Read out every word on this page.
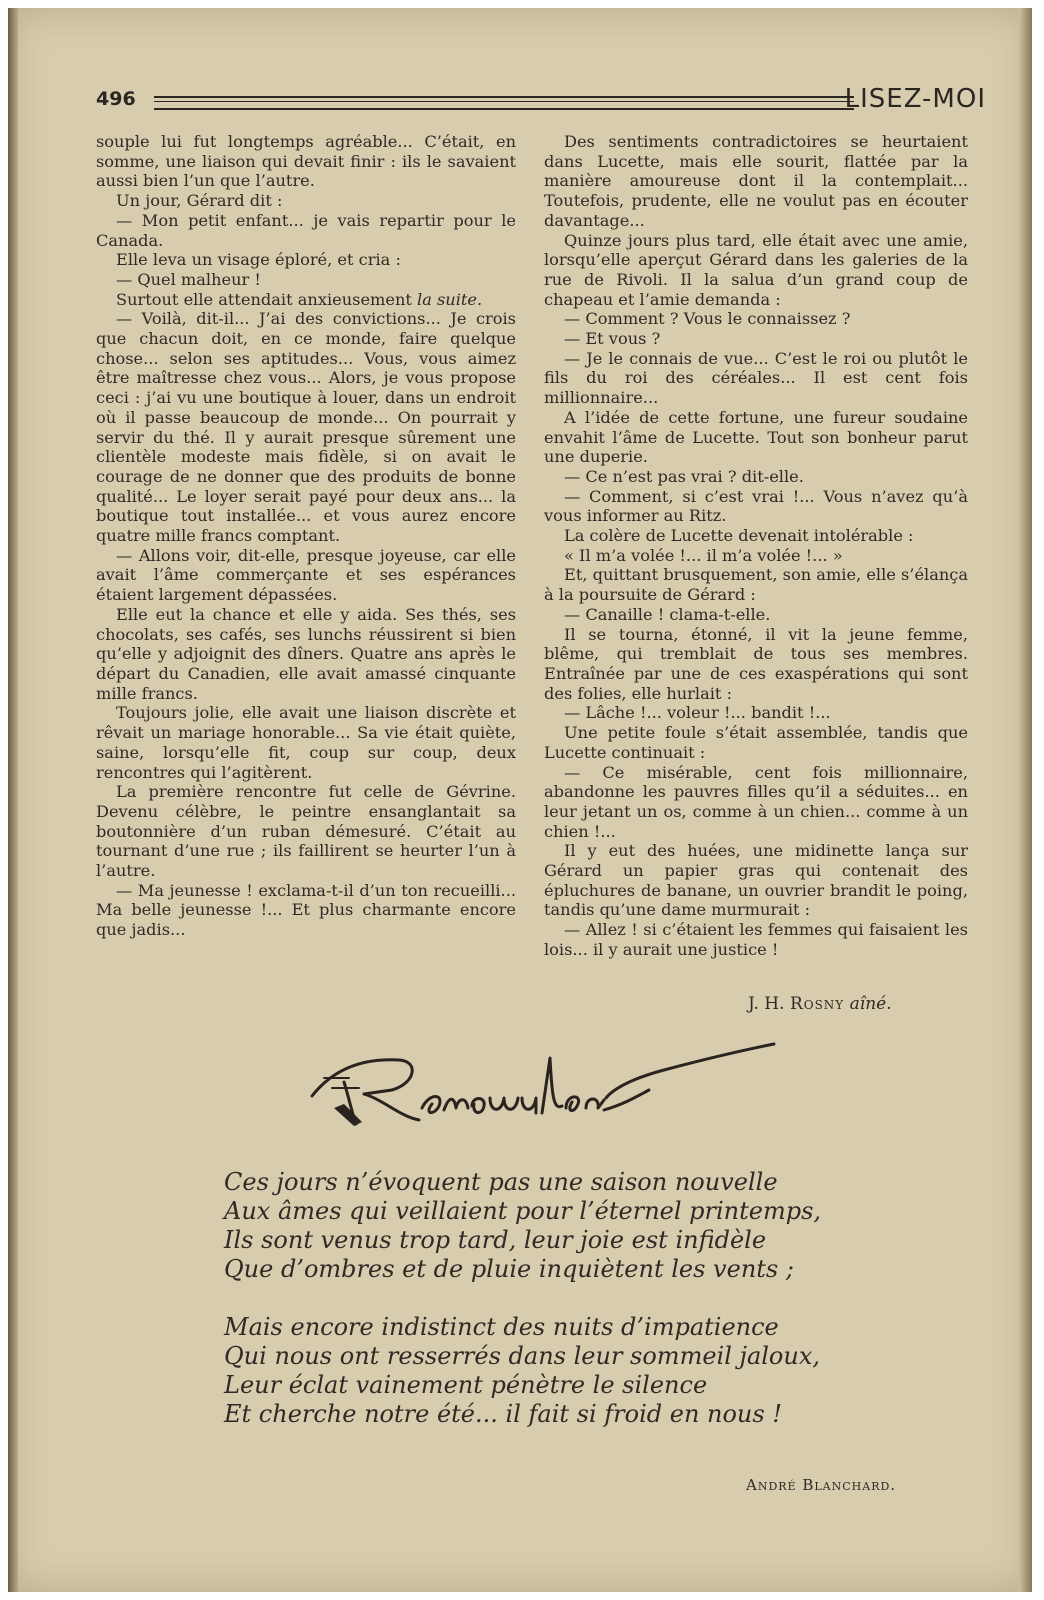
496	LISEZ-MOI

souple lui fut longtemps agréable... C’était, en somme, une liaison qui devait finir : ils le savaient aussi bien l’un que l’autre.

Un jour, Gérard dit :

— Mon petit enfant... je vais repartir pour le Canada.

Elle leva un visage éploré, et cria :

— Quel malheur !

Surtout elle attendait anxieusement la suite.

— Voilà, dit-il... J’ai des convictions... Je crois que chacun doit, en ce monde, faire quelque chose... selon ses aptitudes... Vous, vous aimez être maîtresse chez vous... Alors, je vous propose ceci : j’ai vu une boutique à louer, dans un endroit où il passe beaucoup de monde... On pourrait y servir du thé. Il y aurait presque sûrement une clientèle modeste mais fidèle, si on avait le courage de ne donner que des produits de bonne qualité... Le loyer serait payé pour deux ans... la boutique tout installée... et vous aurez encore quatre mille francs comptant.

— Allons voir, dit-elle, presque joyeuse, car elle avait l’âme commerçante et ses espérances étaient largement dépassées.

Elle eut la chance et elle y aida. Ses thés, ses chocolats, ses cafés, ses lunchs réussirent si bien qu’elle y adjoignit des dîners. Quatre ans après le départ du Canadien, elle avait amassé cinquante mille francs.

Toujours jolie, elle avait une liaison discrète et rêvait un mariage honorable... Sa vie était quiète, saine, lorsqu’elle fit, coup sur coup, deux rencontres qui l’agitèrent.

La première rencontre fut celle de Gévrine. Devenu célèbre, le peintre ensanglantait sa boutonnière d’un ruban démesuré. C’était au tournant d’une rue ; ils faillirent se heurter l’un à l’autre.

— Ma jeunesse ! exclama-t-il d’un ton recueilli... Ma belle jeunesse !... Et plus charmante encore que jadis...

Des sentiments contradictoires se heurtaient dans Lucette, mais elle sourit, flattée par la manière amoureuse dont il la contemplait... Toutefois, prudente, elle ne voulut pas en écouter davantage...

Quinze jours plus tard, elle était avec une amie, lorsqu’elle aperçut Gérard dans les galeries de la rue de Rivoli. Il la salua d’un grand coup de chapeau et l’amie demanda :

— Comment ? Vous le connaissez ?

— Et vous ?

— Je le connais de vue... C’est le roi ou plutôt le fils du roi des céréales... Il est cent fois millionnaire...

A l’idée de cette fortune, une fureur soudaine envahit l’âme de Lucette. Tout son bonheur parut une duperie.

— Ce n’est pas vrai ? dit-elle.

— Comment, si c’est vrai !... Vous n’avez qu’à vous informer au Ritz.

La colère de Lucette devenait intolérable :

« Il m’a volée !... il m’a volée !... »

Et, quittant brusquement, son amie, elle s’élança à la poursuite de Gérard :

— Canaille ! clama-t-elle.

Il se tourna, étonné, il vit la jeune femme, blême, qui tremblait de tous ses membres. Entraînée par une de ces exaspérations qui sont des folies, elle hurlait :

— Lâche !... voleur !... bandit !...

Une petite foule s’était assemblée, tandis que Lucette continuait :

— Ce misérable, cent fois millionnaire, abandonne les pauvres filles qu’il a séduites... en leur jetant un os, comme à un chien... comme à un chien !...

Il y eut des huées, une midinette lança sur Gérard un papier gras qui contenait des épluchures de banane, un ouvrier brandit le poing, tandis qu’une dame murmurait :

— Allez ! si c’étaient les femmes qui faisaient les lois... il y aurait une justice !

J. H. Rosny aîné.
Ces jours n’évoquent pas une saison nouvelle
Aux âmes qui veillaient pour l’éternel printemps,
Ils sont venus trop tard, leur joie est infidèle
Que d’ombres et de pluie inquiètent les vents ;
Mais encore indistinct des nuits d’impatience
Qui nous ont resserrés dans leur sommeil jaloux,
Leur éclat vainement pénètre le silence
Et cherche notre été... il fait si froid en nous !
André Blanchard.
